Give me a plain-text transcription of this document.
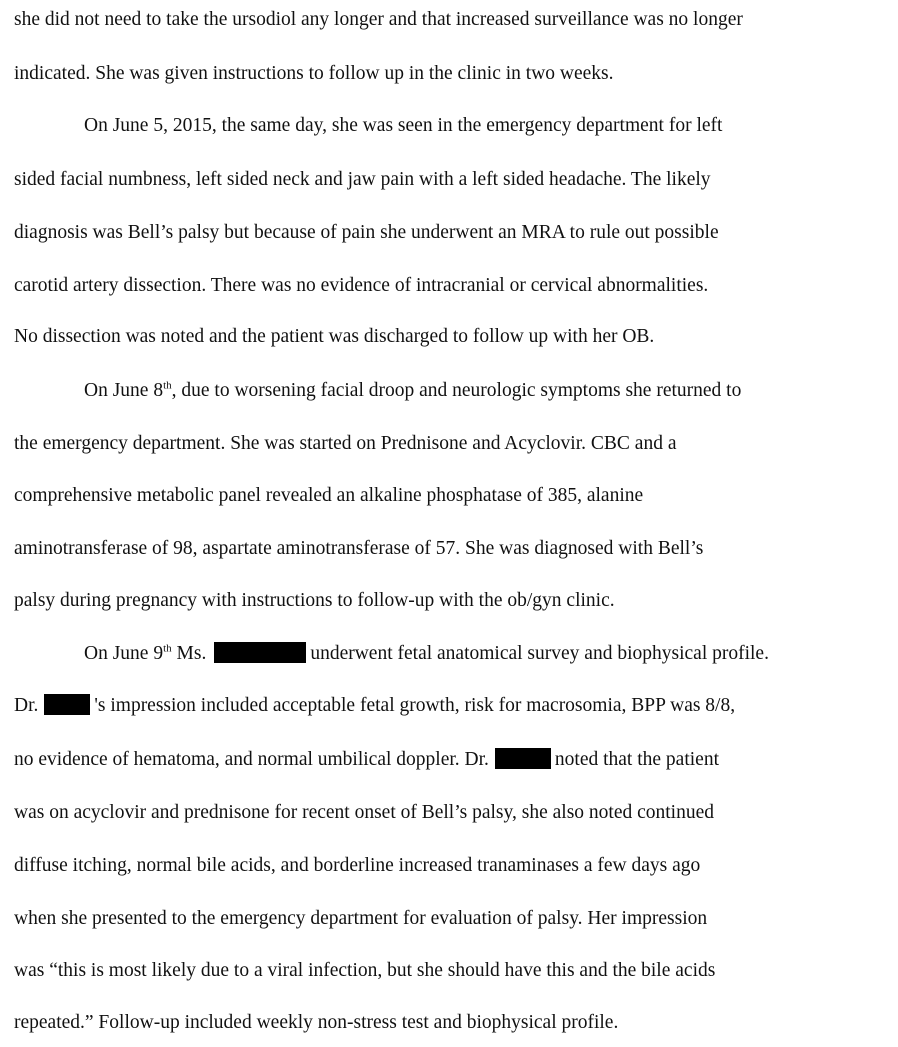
she did not need to take the ursodiol any longer and that increased surveillance was no longer
indicated. She was given instructions to follow up in the clinic in two weeks.
On June 5, 2015, the same day, she was seen in the emergency department for left
sided facial numbness, left sided neck and jaw pain with a left sided headache. The likely
diagnosis was Bell’s palsy but because of pain she underwent an MRA to rule out possible
carotid artery dissection. There was no evidence of intracranial or cervical abnormalities.
No dissection was noted and the patient was discharged to follow up with her OB.
On June 8th, due to worsening facial droop and neurologic symptoms she returned to
the emergency department. She was started on Prednisone and Acyclovir. CBC and a
comprehensive metabolic panel revealed an alkaline phosphatase of 385, alanine
aminotransferase of 98, aspartate aminotransferase of 57. She was diagnosed with Bell’s
palsy during pregnancy with instructions to follow-up with the ob/gyn clinic.
On June 9th Ms.	underwent fetal anatomical survey and biophysical profile.
Dr.	's impression included acceptable fetal growth, risk for macrosomia, BPP was 8/8,
no evidence of hematoma, and normal umbilical doppler. Dr.	noted that the patient
was on acyclovir and prednisone for recent onset of Bell’s palsy, she also noted continued
diffuse itching, normal bile acids, and borderline increased tranaminases a few days ago
when she presented to the emergency department for evaluation of palsy. Her impression
was “this is most likely due to a viral infection, but she should have this and the bile acids
repeated.” Follow-up included weekly non-stress test and biophysical profile.
